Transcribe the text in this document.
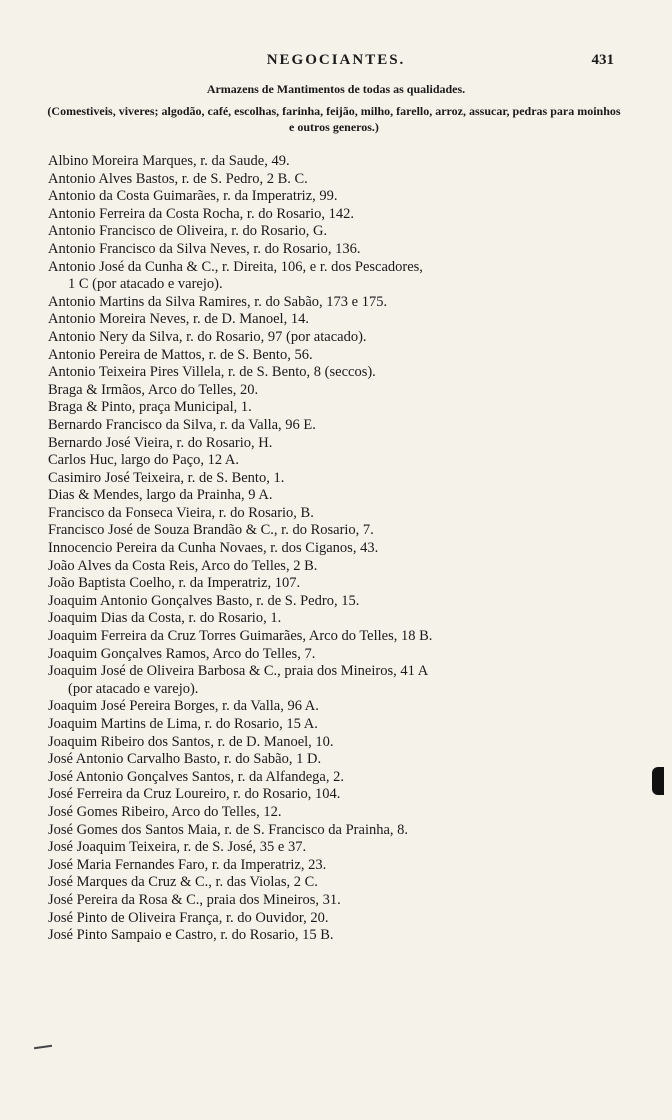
NEGOCIANTES.	431
Armazens de Mantimentos de todas as qualidades.
(Comestiveis, viveres; algodão, café, escolhas, farinha, feijão, milho, farello, arroz, assucar, pedras para moinhos e outros generos.)
Albino Moreira Marques, r. da Saude, 49.
Antonio Alves Bastos, r. de S. Pedro, 2 B. C.
Antonio da Costa Guimarães, r. da Imperatriz, 99.
Antonio Ferreira da Costa Rocha, r. do Rosario, 142.
Antonio Francisco de Oliveira, r. do Rosario, G.
Antonio Francisco da Silva Neves, r. do Rosario, 136.
Antonio José da Cunha & C., r. Direita, 106, e r. dos Pescadores,
1 C (por atacado e varejo).
Antonio Martins da Silva Ramires, r. do Sabão, 173 e 175.
Antonio Moreira Neves, r. de D. Manoel, 14.
Antonio Nery da Silva, r. do Rosario, 97 (por atacado).
Antonio Pereira de Mattos, r. de S. Bento, 56.
Antonio Teixeira Pires Villela, r. de S. Bento, 8 (seccos).
Braga & Irmãos, Arco do Telles, 20.
Braga & Pinto, praça Municipal, 1.
Bernardo Francisco da Silva, r. da Valla, 96 E.
Bernardo José Vieira, r. do Rosario, H.
Carlos Huc, largo do Paço, 12 A.
Casimiro José Teixeira, r. de S. Bento, 1.
Dias & Mendes, largo da Prainha, 9 A.
Francisco da Fonseca Vieira, r. do Rosario, B.
Francisco José de Souza Brandão & C., r. do Rosario, 7.
Innocencio Pereira da Cunha Novaes, r. dos Ciganos, 43.
João Alves da Costa Reis, Arco do Telles, 2 B.
João Baptista Coelho, r. da Imperatriz, 107.
Joaquim Antonio Gonçalves Basto, r. de S. Pedro, 15.
Joaquim Dias da Costa, r. do Rosario, 1.
Joaquim Ferreira da Cruz Torres Guimarães, Arco do Telles, 18 B.
Joaquim Gonçalves Ramos, Arco do Telles, 7.
Joaquim José de Oliveira Barbosa & C., praia dos Mineiros, 41 A
(por atacado e varejo).
Joaquim José Pereira Borges, r. da Valla, 96 A.
Joaquim Martins de Lima, r. do Rosario, 15 A.
Joaquim Ribeiro dos Santos, r. de D. Manoel, 10.
José Antonio Carvalho Basto, r. do Sabão, 1 D.
José Antonio Gonçalves Santos, r. da Alfandega, 2.
José Ferreira da Cruz Loureiro, r. do Rosario, 104.
José Gomes Ribeiro, Arco do Telles, 12.
José Gomes dos Santos Maia, r. de S. Francisco da Prainha, 8.
José Joaquim Teixeira, r. de S. José, 35 e 37.
José Maria Fernandes Faro, r. da Imperatriz, 23.
José Marques da Cruz & C., r. das Violas, 2 C.
José Pereira da Rosa & C., praia dos Mineiros, 31.
José Pinto de Oliveira França, r. do Ouvidor, 20.
José Pinto Sampaio e Castro, r. do Rosario, 15 B.
